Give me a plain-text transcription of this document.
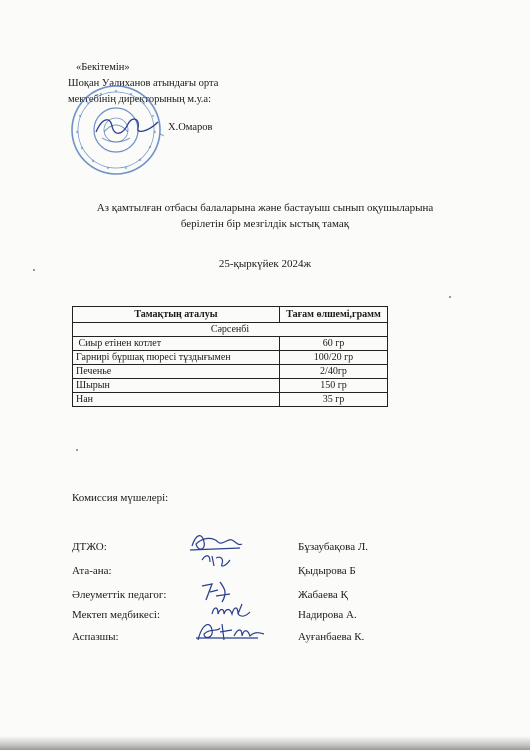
«Бекітемін»
Шоқан Уәлиханов атындағы орта
мектебінің директорының м.у.а:
Х.Омаров
Аз қамтылған отбасы балаларына және бастауыш сынып оқушыларына
берілетін бір мезгілдік ыстық тамақ
25-қыркүйек 2024ж
Тамақтың аталуы	Тағам өлшемі,грамм
Сәрсенбі	
Сиыр етінен котлет	60 гр
Гарнирі бұршақ пюресі тұздығымен	100/20 гр
Печенье	2/40гр
Шырын	150 гр
Нан	35 гр
Комиссия мүшелері:
ДТЖО:	Бұзаубақова Л.
Ата-ана:	Қыдырова Б
Әлеуметтік педагог:	Жабаева Қ
Мектеп медбикесі:	Надирова А.
Аспазшы:	Ауғанбаева К.
